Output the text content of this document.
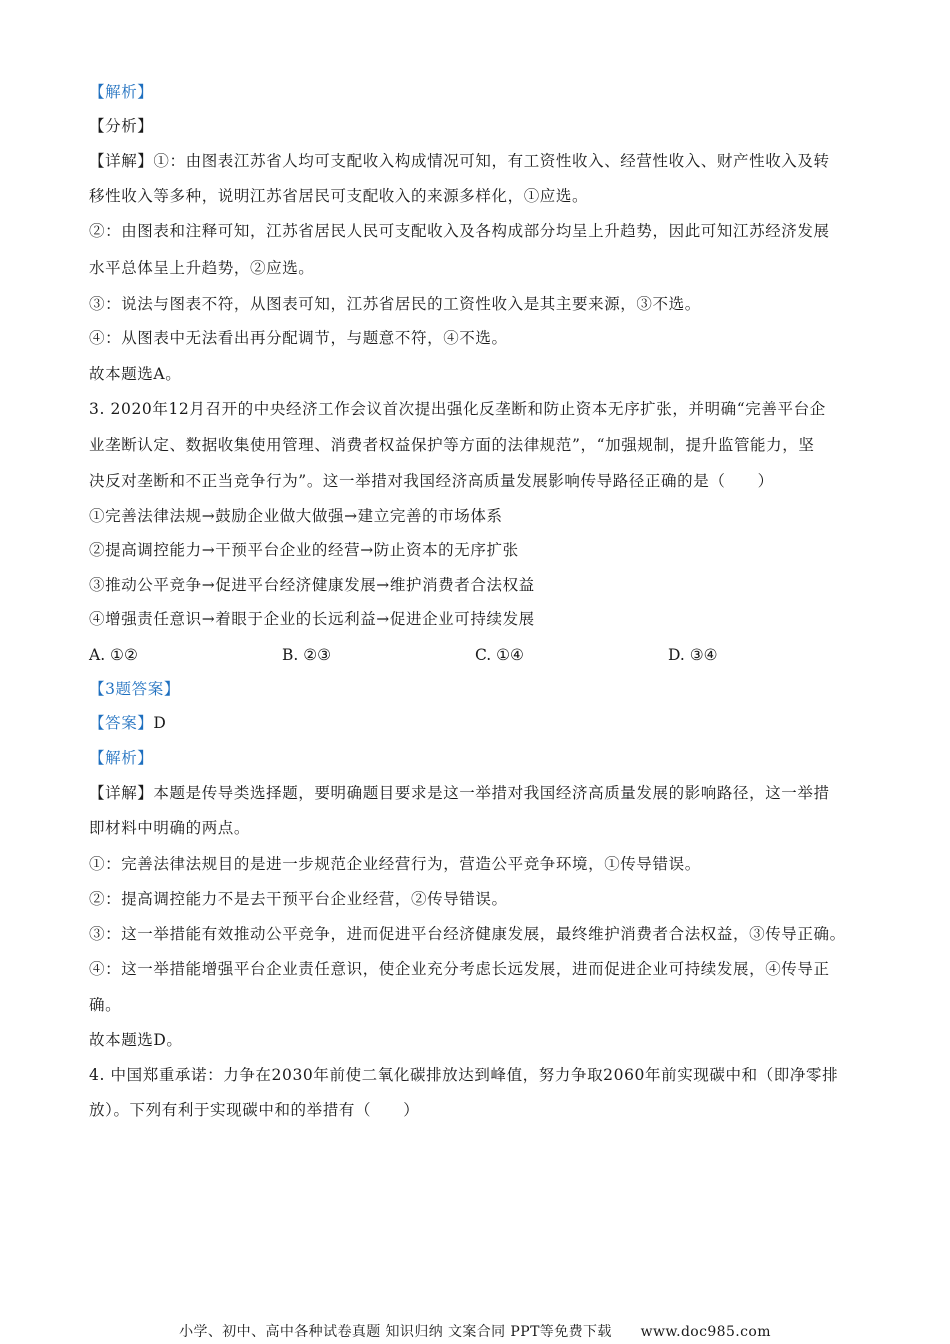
【解析】
【分析】
【详解】①：由图表江苏省人均可支配收入构成情况可知，有工资性收入、经营性收入、财产性收入及转
移性收入等多种，说明江苏省居民可支配收入的来源多样化，①应选。
②：由图表和注释可知，江苏省居民人民可支配收入及各构成部分均呈上升趋势，因此可知江苏经济发展
水平总体呈上升趋势，②应选。
③：说法与图表不符，从图表可知，江苏省居民的工资性收入是其主要来源，③不选。
④：从图表中无法看出再分配调节，与题意不符，④不选。
故本题选A。
3. 2020年12月召开的中央经济工作会议首次提出强化反垄断和防止资本无序扩张，并明确“完善平台企
业垄断认定、数据收集使用管理、消费者权益保护等方面的法律规范”，“加强规制，提升监管能力，坚
决反对垄断和不正当竞争行为”。这一举措对我国经济高质量发展影响传导路径正确的是（　　）
①完善法律法规→鼓励企业做大做强→建立完善的市场体系
②提高调控能力→干预平台企业的经营→防止资本的无序扩张
③推动公平竞争→促进平台经济健康发展→维护消费者合法权益
④增强责任意识→着眼于企业的长远利益→促进企业可持续发展
A. ①②	B. ②③	C. ①④	D. ③④
【3题答案】
【答案】D
【解析】
【详解】本题是传导类选择题，要明确题目要求是这一举措对我国经济高质量发展的影响路径，这一举措
即材料中明确的两点。
①：完善法律法规目的是进一步规范企业经营行为，营造公平竞争环境，①传导错误。
②：提高调控能力不是去干预平台企业经营，②传导错误。
③：这一举措能有效推动公平竞争，进而促进平台经济健康发展，最终维护消费者合法权益，③传导正确。
④：这一举措能增强平台企业责任意识，使企业充分考虑长远发展，进而促进企业可持续发展，④传导正
确。
故本题选D。
4. 中国郑重承诺：力争在2030年前使二氧化碳排放达到峰值，努力争取2060年前实现碳中和（即净零排
放）。下列有利于实现碳中和的举措有（　　）
小学、初中、高中各种试卷真题 知识归纳 文案合同 PPT等免费下载　　www.doc985.com
